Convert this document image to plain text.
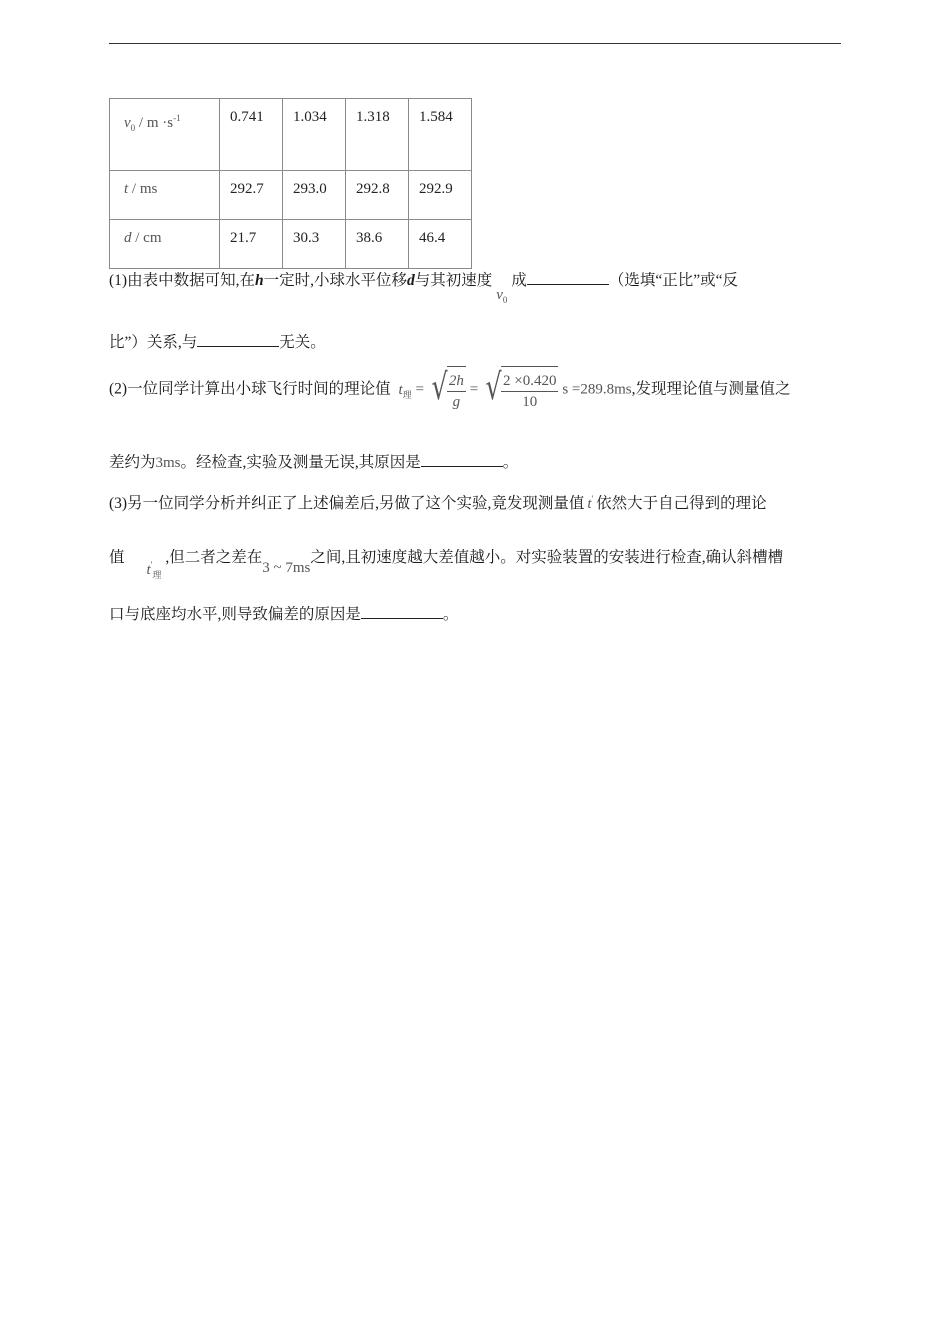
$v_0 / m \cdot s^{-1}$	0.741	1.034	1.318	1.584
t / ms	292.7	293.0	292.8	292.9
d / cm	21.7	30.3	38.6	46.4
(1)由表中数据可知,在h一定时,小球水平位移d与其初速度$v_0$成	（选填“正比”或“反
比”）关系,与	无关。
(2)一位同学计算出小球飞行时间的理论值 $t_理$ = √ $\frac{2h}{g}$ = √ $\frac{2 \times 0.420}{10}$ s =289.8ms,发现理论值与测量值之
差约为3ms。经检查,实验及测量无误,其原因是	。
(3)另一位同学分析并纠正了上述偏差后,另做了这个实验,竟发现测量值 t' 依然大于自己得到的理论
值$t'_理$,但二者之差在3 ~ 7ms之间,且初速度越大差值越小。对实验装置的安装进行检查,确认斜槽槽
口与底座均水平,则导致偏差的原因是	。
